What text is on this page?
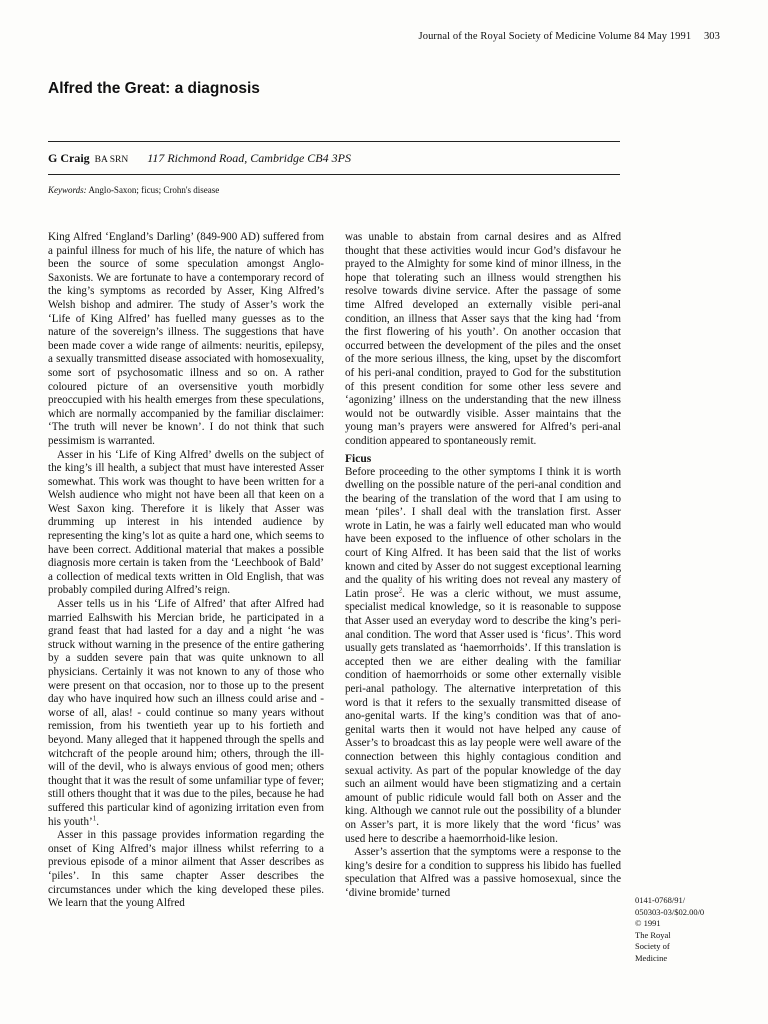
Journal of the Royal Society of Medicine Volume 84 May 1991 303
Alfred the Great: a diagnosis
G Craig BA SRN 117 Richmond Road, Cambridge CB4 3PS
Keywords: Anglo-Saxon; ficus; Crohn's disease

King Alfred ‘England’s Darling’ (849-900 AD) suffered from a painful illness for much of his life, the nature of which has been the source of some speculation amongst Anglo-Saxonists. We are fortunate to have a contemporary record of the king’s symptoms as recorded by Asser, King Alfred’s Welsh bishop and admirer. The study of Asser’s work the ‘Life of King Alfred’ has fuelled many guesses as to the nature of the sovereign’s illness. The suggestions that have been made cover a wide range of ailments: neuritis, epilepsy, a sexually transmitted disease associated with homosexuality, some sort of psychosomatic illness and so on. A rather coloured picture of an oversensitive youth morbidly preoccupied with his health emerges from these speculations, which are normally accompanied by the familiar disclaimer: ‘The truth will never be known’. I do not think that such pessimism is warranted.

Asser in his ‘Life of King Alfred’ dwells on the subject of the king’s ill health, a subject that must have interested Asser somewhat. This work was thought to have been written for a Welsh audience who might not have been all that keen on a West Saxon king. Therefore it is likely that Asser was drumming up interest in his intended audience by representing the king’s lot as quite a hard one, which seems to have been correct. Additional material that makes a possible diagnosis more certain is taken from the ‘Leechbook of Bald’ a collection of medical texts written in Old English, that was probably compiled during Alfred’s reign.

Asser tells us in his ‘Life of Alfred’ that after Alfred had married Ealhswith his Mercian bride, he participated in a grand feast that had lasted for a day and a night ‘he was struck without warning in the presence of the entire gathering by a sudden severe pain that was quite unknown to all physicians. Certainly it was not known to any of those who were present on that occasion, nor to those up to the present day who have inquired how such an illness could arise and - worse of all, alas! - could continue so many years without remission, from his twentieth year up to his fortieth and beyond. Many alleged that it happened through the spells and witchcraft of the people around him; others, through the ill-will of the devil, who is always envious of good men; others thought that it was the result of some unfamiliar type of fever; still others thought that it was due to the piles, because he had suffered this particular kind of agonizing irritation even from his youth’$^1$.

Asser in this passage provides information regarding the onset of King Alfred’s major illness whilst referring to a previous episode of a minor ailment that Asser describes as ‘piles’. In this same chapter Asser describes the circumstances under which the king developed these piles. We learn that the young Alfred

was unable to abstain from carnal desires and as Alfred thought that these activities would incur God’s disfavour he prayed to the Almighty for some kind of minor illness, in the hope that tolerating such an illness would strengthen his resolve towards divine service. After the passage of some time Alfred developed an externally visible peri-anal condition, an illness that Asser says that the king had ‘from the first flowering of his youth’. On another occasion that occurred between the development of the piles and the onset of the more serious illness, the king, upset by the discomfort of his peri-anal condition, prayed to God for the substitution of this present condition for some other less severe and ‘agonizing’ illness on the understanding that the new illness would not be outwardly visible. Asser maintains that the young man’s prayers were answered for Alfred’s peri-anal condition appeared to spontaneously remit.

Ficus

Before proceeding to the other symptoms I think it is worth dwelling on the possible nature of the peri-anal condition and the bearing of the translation of the word that I am using to mean ‘piles’. I shall deal with the translation first. Asser wrote in Latin, he was a fairly well educated man who would have been exposed to the influence of other scholars in the court of King Alfred. It has been said that the list of works known and cited by Asser do not suggest exceptional learning and the quality of his writing does not reveal any mastery of Latin prose$^2$. He was a cleric without, we must assume, specialist medical knowledge, so it is reasonable to suppose that Asser used an everyday word to describe the king’s peri-anal condition. The word that Asser used is ‘ficus’. This word usually gets translated as ‘haemorrhoids’. If this translation is accepted then we are either dealing with the familiar condition of haemorrhoids or some other externally visible peri-anal pathology. The alternative interpretation of this word is that it refers to the sexually transmitted disease of ano-genital warts. If the king’s condition was that of ano-genital warts then it would not have helped any cause of Asser’s to broadcast this as lay people were well aware of the connection between this highly contagious condition and sexual activity. As part of the popular knowledge of the day such an ailment would have been stigmatizing and a certain amount of public ridicule would fall both on Asser and the king. Although we cannot rule out the possibility of a blunder on Asser’s part, it is more likely that the word ‘ficus’ was used here to describe a haemorrhoid-like lesion.

Asser’s assertion that the symptoms were a response to the king’s desire for a condition to suppress his libido has fuelled speculation that Alfred was a passive homosexual, since the ‘divine bromide’ turned

0141-0768/91/
050303-03/$02.00/0
© 1991
The Royal
Society of
Medicine
